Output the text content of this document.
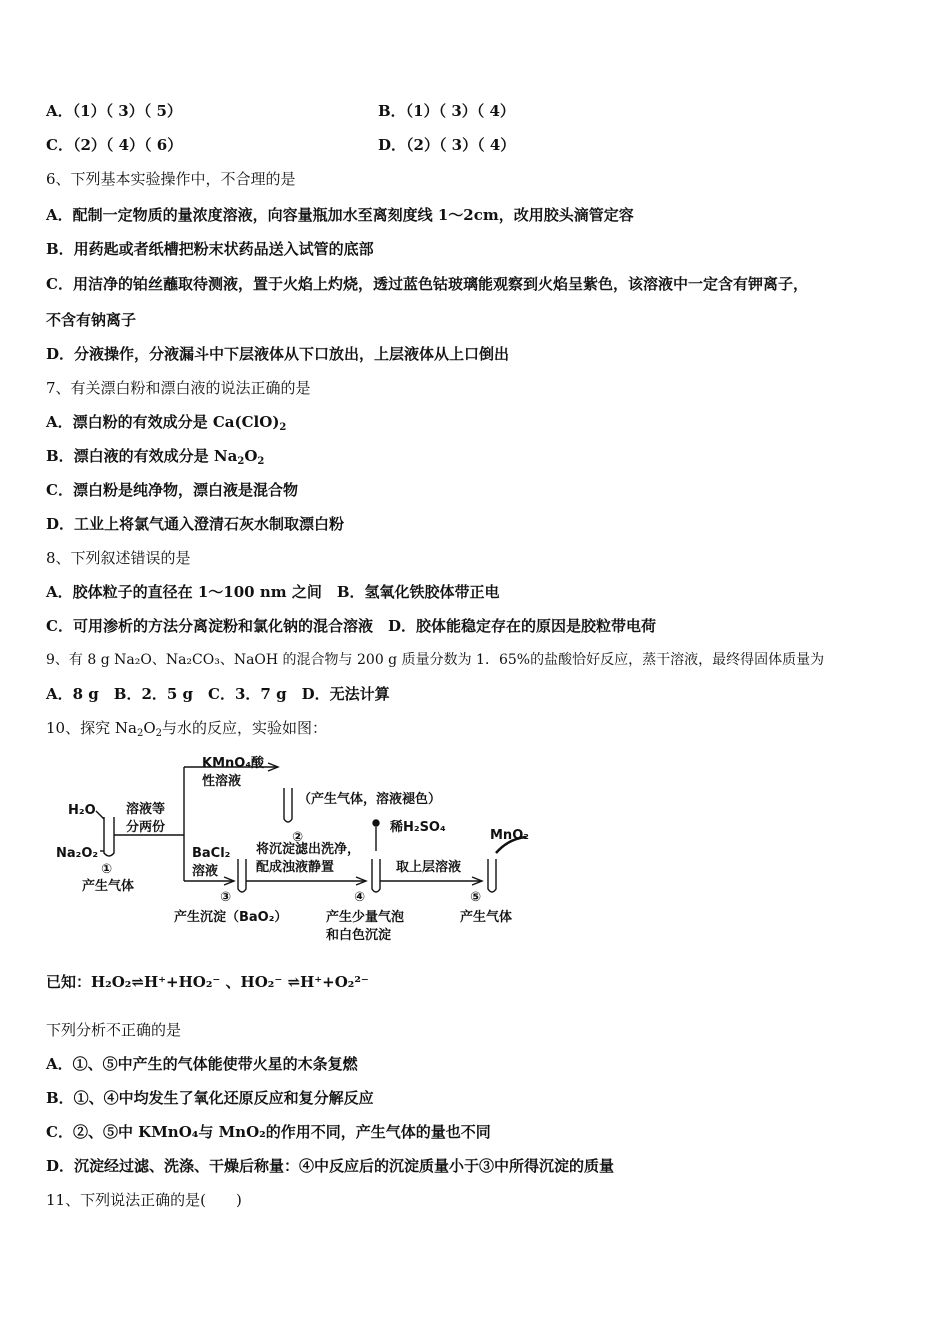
A．（1）（ 3）（ 5）	B．（1）（ 3）（ 4）
C．（2）（ 4）（ 6）	D．（2）（ 3）（ 4）
6、下列基本实验操作中，不合理的是
A．配制一定物质的量浓度溶液，向容量瓶加水至离刻度线 1～2cm，改用胶头滴管定容
B．用药匙或者纸槽把粉末状药品送入试管的底部
C．用洁净的铂丝蘸取待测液，置于火焰上灼烧，透过蓝色钴玻璃能观察到火焰呈紫色，该溶液中一定含有钾离子，
不含有钠离子
D．分液操作，分液漏斗中下层液体从下口放出，上层液体从上口倒出
7、有关漂白粉和漂白液的说法正确的是
A．漂白粉的有效成分是 $Ca(ClO)_2$
B．漂白液的有效成分是 $Na_2O_2$
C．漂白粉是纯净物，漂白液是混合物
D．工业上将氯气通入澄清石灰水制取漂白粉
8、下列叙述错误的是
A．胶体粒子的直径在 1～100 nm 之间　B．氢氧化铁胶体带正电
C．可用渗析的方法分离淀粉和氯化钠的混合溶液　D．胶体能稳定存在的原因是胶粒带电荷
9、有 8 g Na₂O、Na₂CO₃、NaOH 的混合物与 200 g 质量分数为 1．65%的盐酸恰好反应，蒸干溶液，最终得固体质量为
A．8 g　B．2．5 g　C．3．7 g　D．无法计算
10、探究 $Na_2O_2$与水的反应，实验如图：
H₂O
Na₂O₂
①
产生气体
溶液等
分两份
KMnO₄酸
性溶液
（产生气体，溶液褪色）
②
BaCl₂
溶液
③
产生沉淀（BaO₂）
将沉淀滤出洗净，
配成浊液静置
稀H₂SO₄
④
产生少量气泡
和白色沉淀
取上层溶液
MnO₂
⑤
产生气体
已知：H₂O₂⇌H⁺+HO₂⁻ 、HO₂⁻ ⇌H⁺+O₂²⁻
下列分析不正确的是
A．①、⑤中产生的气体能使带火星的木条复燃
B．①、④中均发生了氧化还原反应和复分解反应
C．②、⑤中 KMnO₄与 MnO₂的作用不同，产生气体的量也不同
D．沉淀经过滤、洗涤、干燥后称量：④中反应后的沉淀质量小于③中所得沉淀的质量
11、下列说法正确的是(　　)
